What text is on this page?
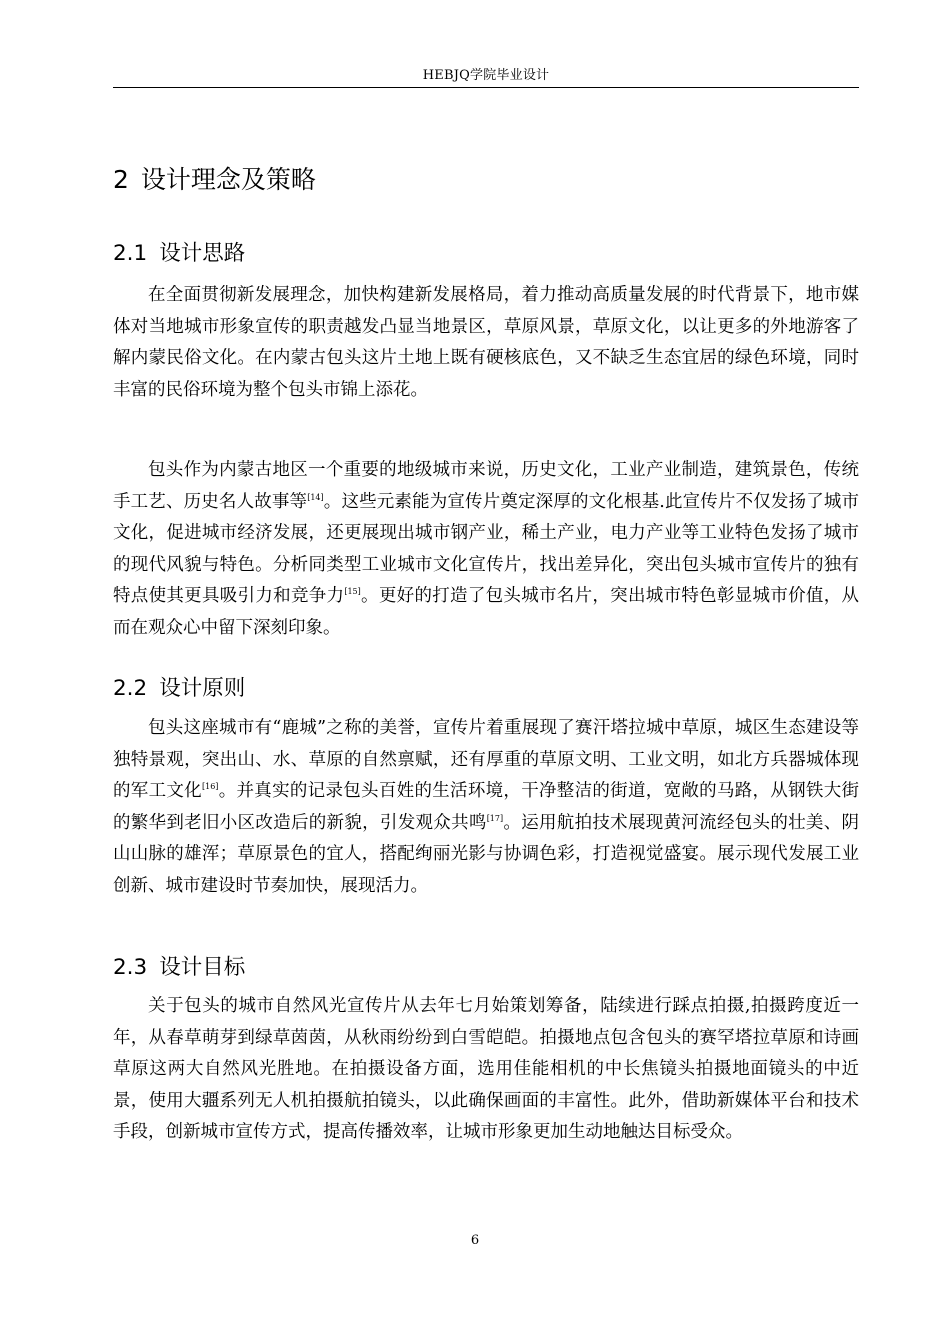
HEBJQ学院毕业设计
2 设计理念及策略
2.1 设计思路

在全面贯彻新发展理念，加快构建新发展格局，着力推动高质量发展的时代背景下，地市媒体对当地城市形象宣传的职责越发凸显当地景区，草原风景，草原文化，以让更多的外地游客了解内蒙民俗文化。在内蒙古包头这片土地上既有硬核底色，又不缺乏生态宜居的绿色环境，同时丰富的民俗环境为整个包头市锦上添花。

包头作为内蒙古地区一个重要的地级城市来说，历史文化，工业产业制造，建筑景色，传统手工艺、历史名人故事等[14]。这些元素能为宣传片奠定深厚的文化根基.此宣传片不仅发扬了城市文化，促进城市经济发展，还更展现出城市钢产业，稀土产业，电力产业等工业特色发扬了城市的现代风貌与特色。分析同类型工业城市文化宣传片，找出差异化，突出包头城市宣传片的独有特点使其更具吸引力和竞争力[15]。更好的打造了包头城市名片，突出城市特色彰显城市价值，从而在观众心中留下深刻印象。

2.2 设计原则

包头这座城市有“鹿城”之称的美誉，宣传片着重展现了赛汗塔拉城中草原，城区生态建设等独特景观，突出山、水、草原的自然禀赋，还有厚重的草原文明、工业文明，如北方兵器城体现的军工文化[16]。并真实的记录包头百姓的生活环境，干净整洁的街道，宽敞的马路，从钢铁大街的繁华到老旧小区改造后的新貌，引发观众共鸣[17]。运用航拍技术展现黄河流经包头的壮美、阴山山脉的雄浑；草原景色的宜人，搭配绚丽光影与协调色彩，打造视觉盛宴。展示现代发展工业创新、城市建设时节奏加快，展现活力。

2.3 设计目标

关于包头的城市自然风光宣传片从去年七月始策划筹备，陆续进行踩点拍摄,拍摄跨度近一年，从春草萌芽到绿草茵茵，从秋雨纷纷到白雪皑皑。拍摄地点包含包头的赛罕塔拉草原和诗画草原这两大自然风光胜地。在拍摄设备方面，选用佳能相机的中长焦镜头拍摄地面镜头的中近景，使用大疆系列无人机拍摄航拍镜头，以此确保画面的丰富性。此外，借助新媒体平台和技术手段，创新城市宣传方式，提高传播效率，让城市形象更加生动地触达目标受众。

6
